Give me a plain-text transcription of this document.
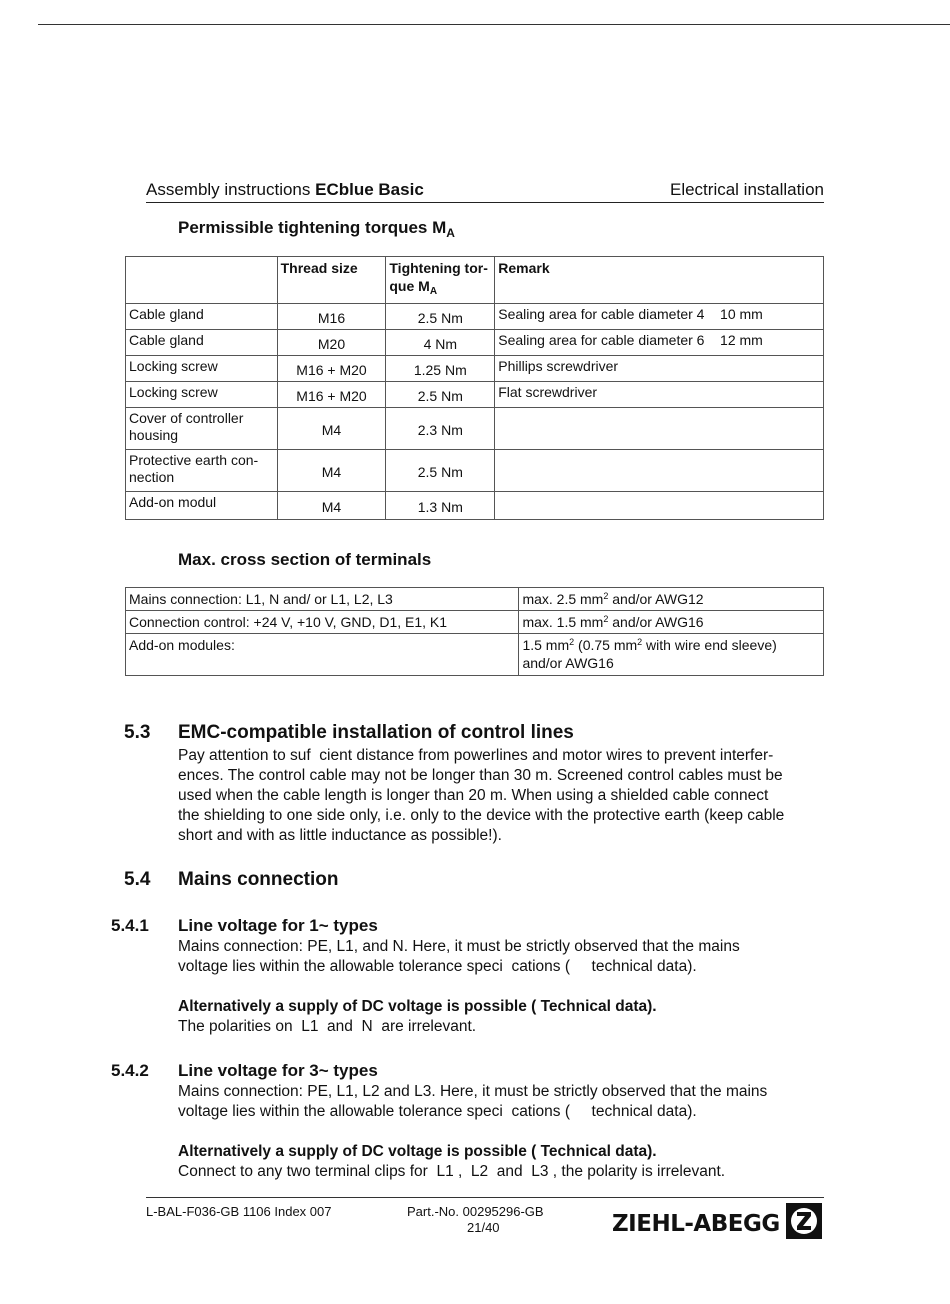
Assembly instructions ECblue Basic	Electrical installation
Permissible tightening torques $M_A$
	Thread size	Tightening tor-
que $M_A$	Remark
Cable gland	M16	2.5 Nm	Sealing area for cable diameter 4    10 mm
Cable gland	M20	4 Nm	Sealing area for cable diameter 6    12 mm
Locking screw	M16 + M20	1.25 Nm	Phillips screwdriver
Locking screw	M16 + M20	2.5 Nm	Flat screwdriver
Cover of controller
housing	M4	2.3 Nm	
Protective earth con-
nection	M4	2.5 Nm	
Add-on modul	M4	1.3 Nm	
Max. cross section of terminals
Mains connection: L1, N and/ or L1, L2, L3	max. 2.5 $mm^2$ and/or AWG12
Connection control: +24 V, +10 V, GND, D1, E1, K1	max. 1.5 $mm^2$ and/or AWG16
Add-on modules:	1.5 $mm^2$ (0.75 $mm^2$ with wire end sleeve)
and/or AWG16
5.3 EMC-compatible installation of control lines
Pay attention to suf  cient distance from powerlines and motor wires to prevent interfer-
ences. The control cable may not be longer than 30 m. Screened control cables must be
used when the cable length is longer than 20 m. When using a shielded cable connect
the shielding to one side only, i.e. only to the device with the protective earth (keep cable
short and with as little inductance as possible!).
5.4 Mains connection
5.4.1 Line voltage for 1~ types
Mains connection: PE, L1, and N. Here, it must be strictly observed that the mains
voltage lies within the allowable tolerance speci  cations (     technical data).
Alternatively a supply of DC voltage is possible ( Technical data).
The polarities on  L1  and  N  are irrelevant.
5.4.2 Line voltage for 3~ types
Mains connection: PE, L1, L2 and L3. Here, it must be strictly observed that the mains
voltage lies within the allowable tolerance speci  cations (     technical data).
Alternatively a supply of DC voltage is possible ( Technical data).
Connect to any two terminal clips for  L1 ,  L2  and  L3 , the polarity is irrelevant.
L-BAL-F036-GB 1106 Index 007	Part.-No. 00295296-GB
21/40	ZIEHL-ABEGG
